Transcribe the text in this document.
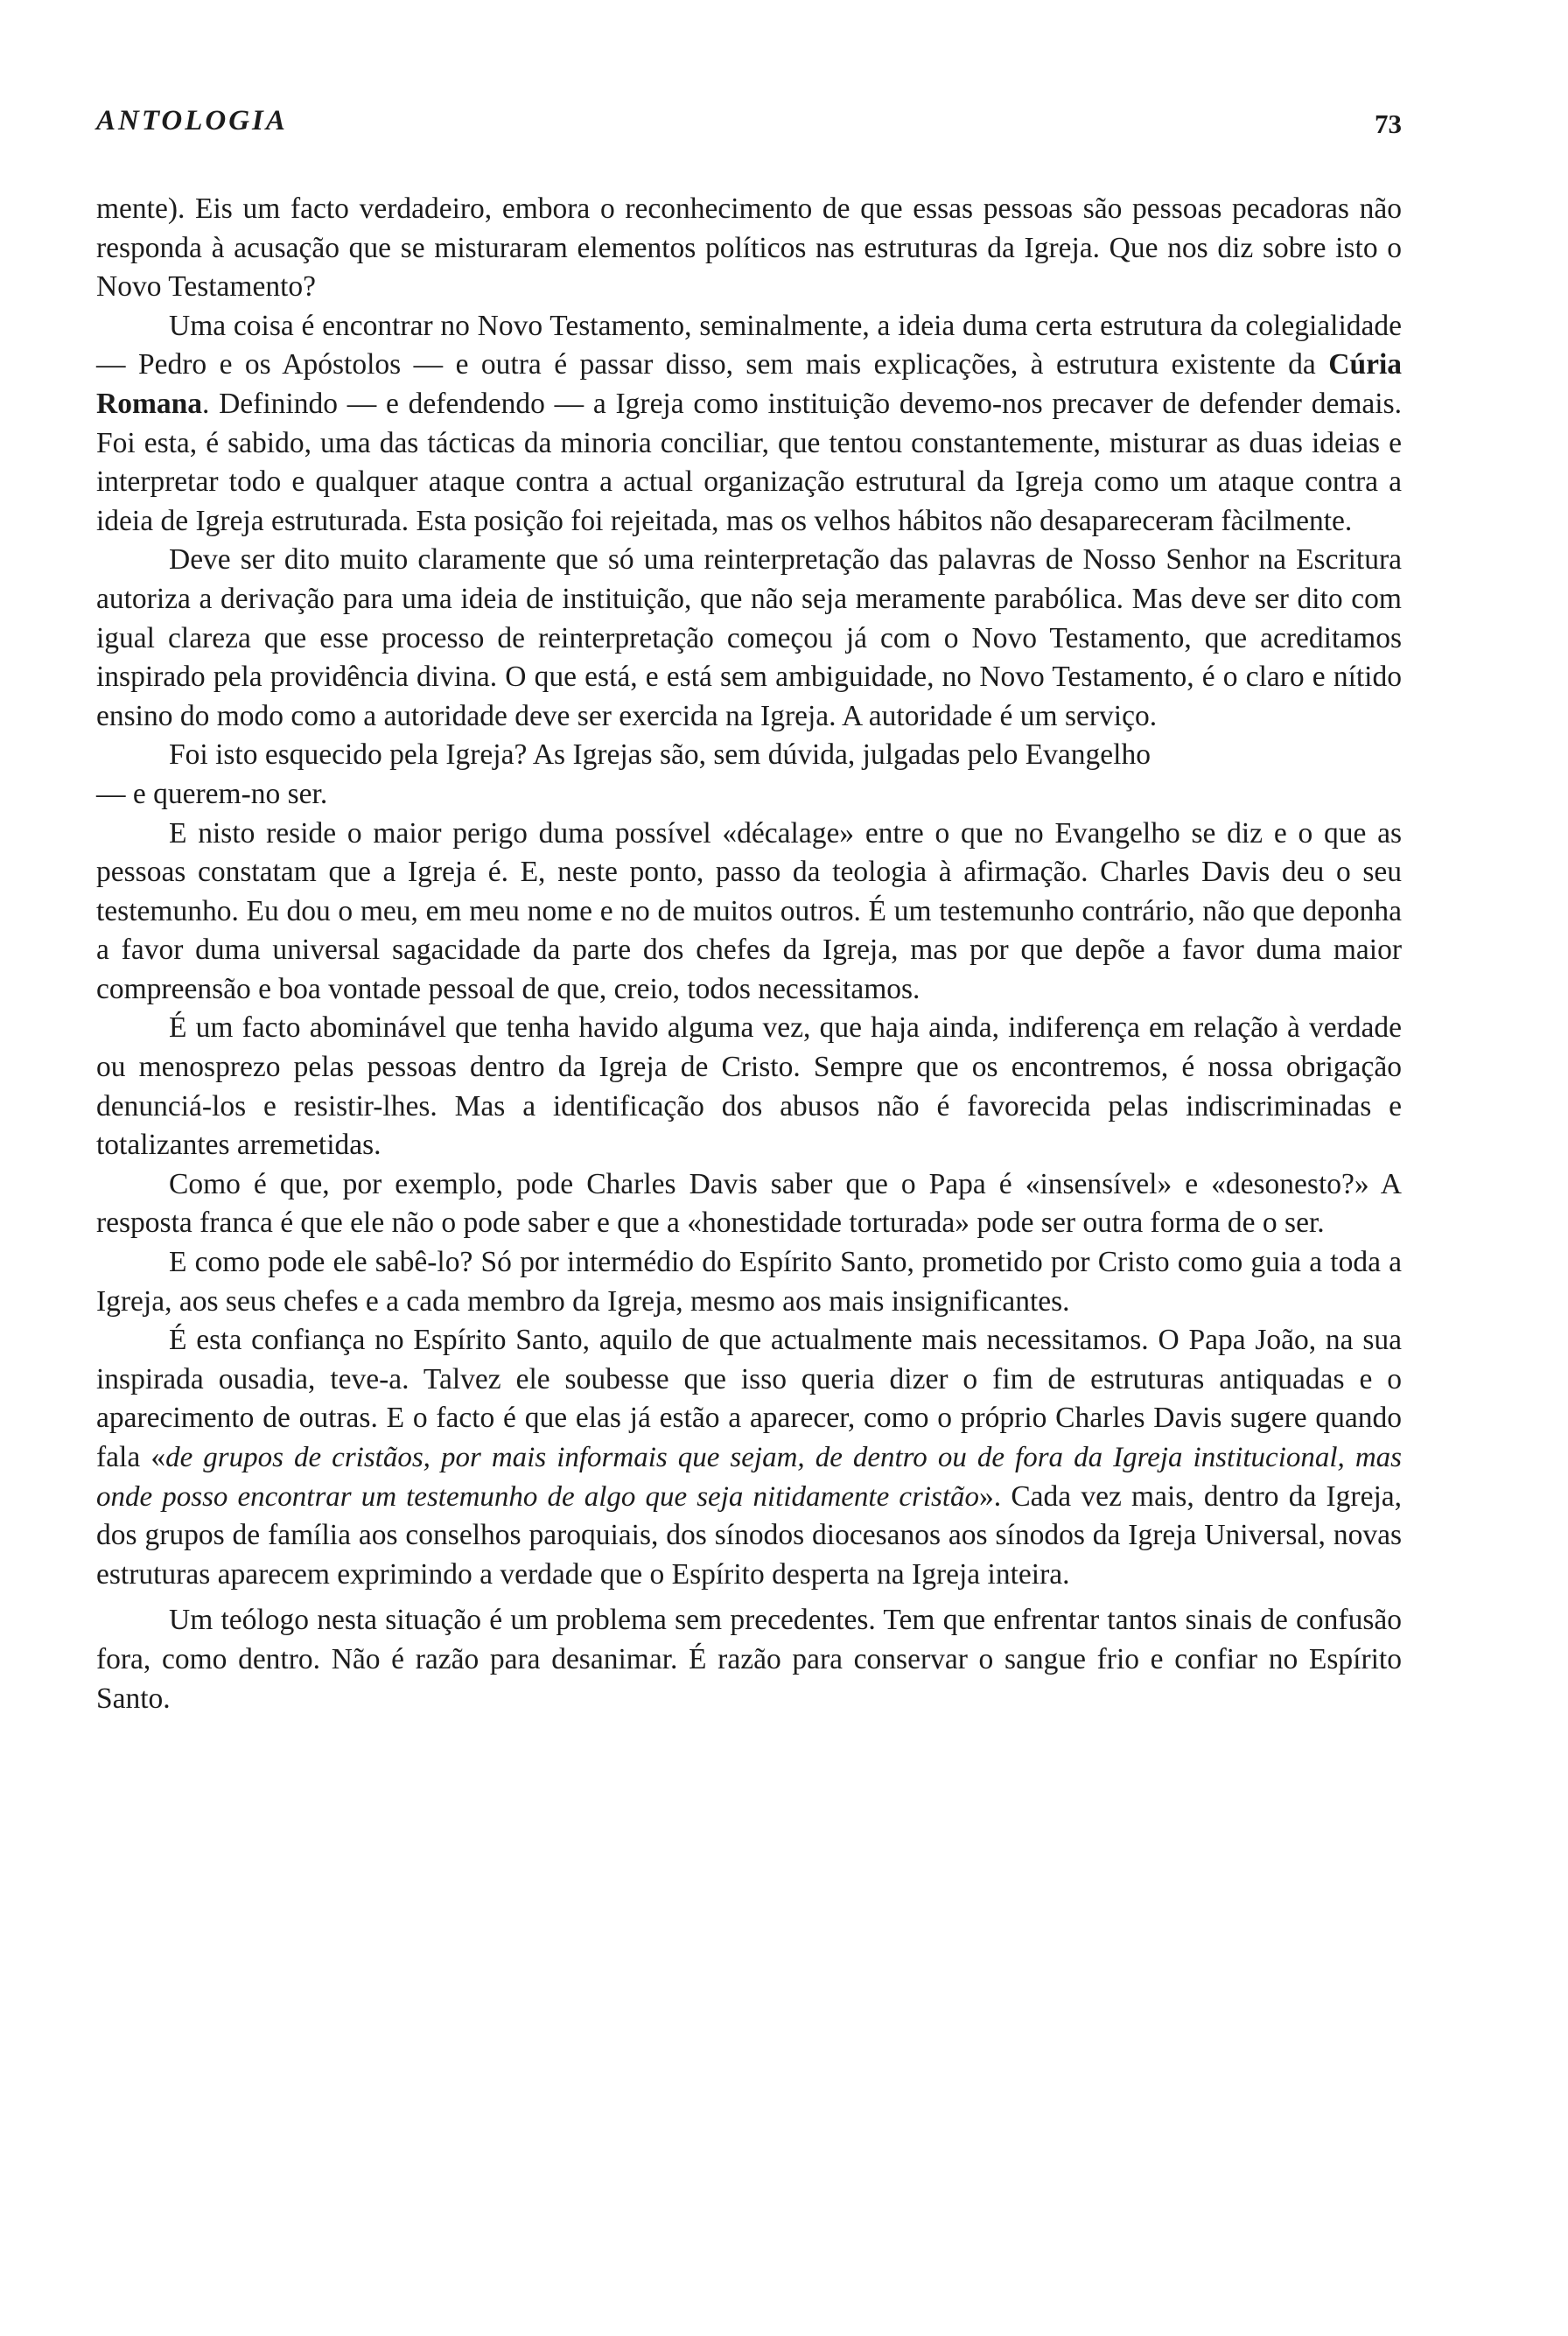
ANTOLOGIA	73

mente). Eis um facto verdadeiro, embora o reconhecimento de que essas pessoas são pessoas pecadoras não responda à acusação que se misturaram elementos políticos nas estruturas da Igreja. Que nos diz sobre isto o Novo Testamento?

Uma coisa é encontrar no Novo Testamento, seminalmente, a ideia duma certa estrutura da colegialidade — Pedro e os Apóstolos — e outra é passar disso, sem mais explicações, à estrutura existente da Cúria Romana. Definindo — e defendendo — a Igreja como instituição devemo-nos precaver de defender demais. Foi esta, é sabido, uma das tácticas da minoria conciliar, que tentou constantemente, misturar as duas ideias e interpretar todo e qualquer ataque contra a actual organização estrutural da Igreja como um ataque contra a ideia de Igreja estruturada. Esta posição foi rejeitada, mas os velhos hábitos não desapareceram fàcilmente.

Deve ser dito muito claramente que só uma reinterpretação das palavras de Nosso Senhor na Escritura autoriza a derivação para uma ideia de instituição, que não seja meramente parabólica. Mas deve ser dito com igual clareza que esse processo de reinterpretação começou já com o Novo Testamento, que acreditamos inspirado pela providência divina. O que está, e está sem ambiguidade, no Novo Testamento, é o claro e nítido ensino do modo como a autoridade deve ser exercida na Igreja. A autoridade é um serviço.

Foi isto esquecido pela Igreja? As Igrejas são, sem dúvida, julgadas pelo Evangelho

— e querem-no ser.

E nisto reside o maior perigo duma possível «décalage» entre o que no Evangelho se diz e o que as pessoas constatam que a Igreja é. E, neste ponto, passo da teologia à afirmação. Charles Davis deu o seu testemunho. Eu dou o meu, em meu nome e no de muitos outros. É um testemunho contrário, não que deponha a favor duma universal sagacidade da parte dos chefes da Igreja, mas por que depõe a favor duma maior compreensão e boa vontade pessoal de que, creio, todos necessitamos.

É um facto abominável que tenha havido alguma vez, que haja ainda, indiferença em relação à verdade ou menosprezo pelas pessoas dentro da Igreja de Cristo. Sempre que os encontremos, é nossa obrigação denunciá-los e resistir-lhes. Mas a identificação dos abusos não é favorecida pelas indiscriminadas e totalizantes arremetidas.

Como é que, por exemplo, pode Charles Davis saber que o Papa é «insensível» e «desonesto?» A resposta franca é que ele não o pode saber e que a «honestidade torturada» pode ser outra forma de o ser.

E como pode ele sabê-lo? Só por intermédio do Espírito Santo, prometido por Cristo como guia a toda a Igreja, aos seus chefes e a cada membro da Igreja, mesmo aos mais insignificantes.

É esta confiança no Espírito Santo, aquilo de que actualmente mais necessitamos. O Papa João, na sua inspirada ousadia, teve-a. Talvez ele soubesse que isso queria dizer o fim de estruturas antiquadas e o aparecimento de outras. E o facto é que elas já estão a aparecer, como o próprio Charles Davis sugere quando fala «de grupos de cristãos, por mais informais que sejam, de dentro ou de fora da Igreja institucional, mas onde posso encontrar um testemunho de algo que seja nitidamente cristão». Cada vez mais, dentro da Igreja, dos grupos de família aos conselhos paroquiais, dos sínodos diocesanos aos sínodos da Igreja Universal, novas estruturas aparecem exprimindo a verdade que o Espírito desperta na Igreja inteira.

Um teólogo nesta situação é um problema sem precedentes. Tem que enfrentar tantos sinais de confusão fora, como dentro. Não é razão para desanimar. É razão para conservar o sangue frio e confiar no Espírito Santo.
